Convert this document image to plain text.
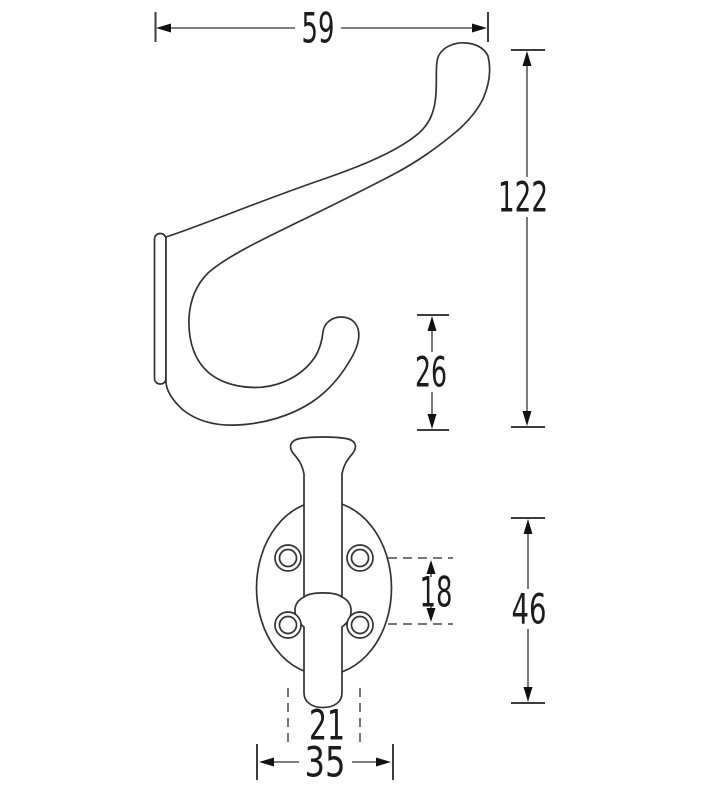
59
122
26
46
18
21
35
